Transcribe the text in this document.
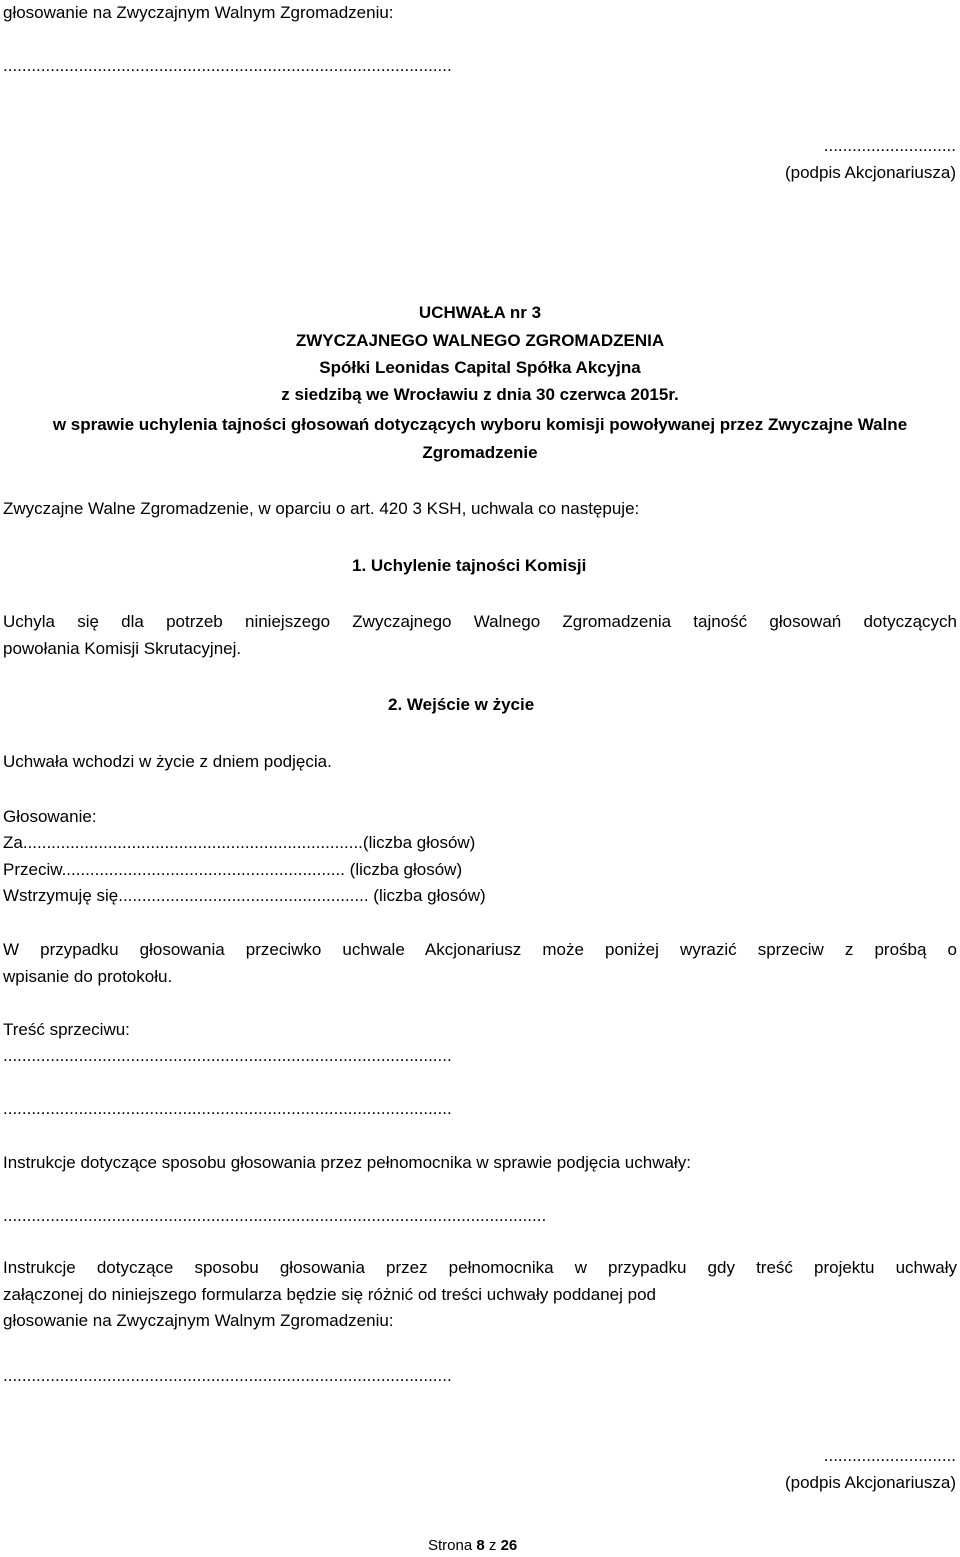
głosowanie na Zwyczajnym Walnym Zgromadzeniu:
...............................................................................................
............................
(podpis Akcjonariusza)
UCHWAŁA nr 3
ZWYCZAJNEGO WALNEGO ZGROMADZENIA
Spółki Leonidas Capital Spółka Akcyjna
z siedzibą we Wrocławiu z dnia 30 czerwca 2015r.
w sprawie uchylenia tajności głosowań dotyczących wyboru komisji powoływanej przez Zwyczajne Walne
Zgromadzenie
Zwyczajne Walne Zgromadzenie, w oparciu o art. 420 3 KSH, uchwala co następuje:
1. Uchylenie tajności Komisji
Uchyla się dla potrzeb niniejszego Zwyczajnego Walnego Zgromadzenia tajność głosowań dotyczących
powołania Komisji Skrutacyjnej.
2. Wejście w życie
Uchwała wchodzi w życie z dniem podjęcia.
Głosowanie:
Za........................................................................(liczba głosów)
Przeciw............................................................ (liczba głosów)
Wstrzymuję się..................................................... (liczba głosów)
W przypadku głosowania przeciwko uchwale Akcjonariusz może poniżej wyrazić sprzeciw z prośbą o
wpisanie do protokołu.
Treść sprzeciwu:
...............................................................................................
...............................................................................................
Instrukcje dotyczące sposobu głosowania przez pełnomocnika w sprawie podjęcia uchwały:
...................................................................................................................
Instrukcje dotyczące sposobu głosowania przez pełnomocnika w przypadku gdy treść projektu uchwały
załączonej do niniejszego formularza będzie się różnić od treści uchwały poddanej pod
głosowanie na Zwyczajnym Walnym Zgromadzeniu:
...............................................................................................
............................
(podpis Akcjonariusza)
Strona 8 z 26
